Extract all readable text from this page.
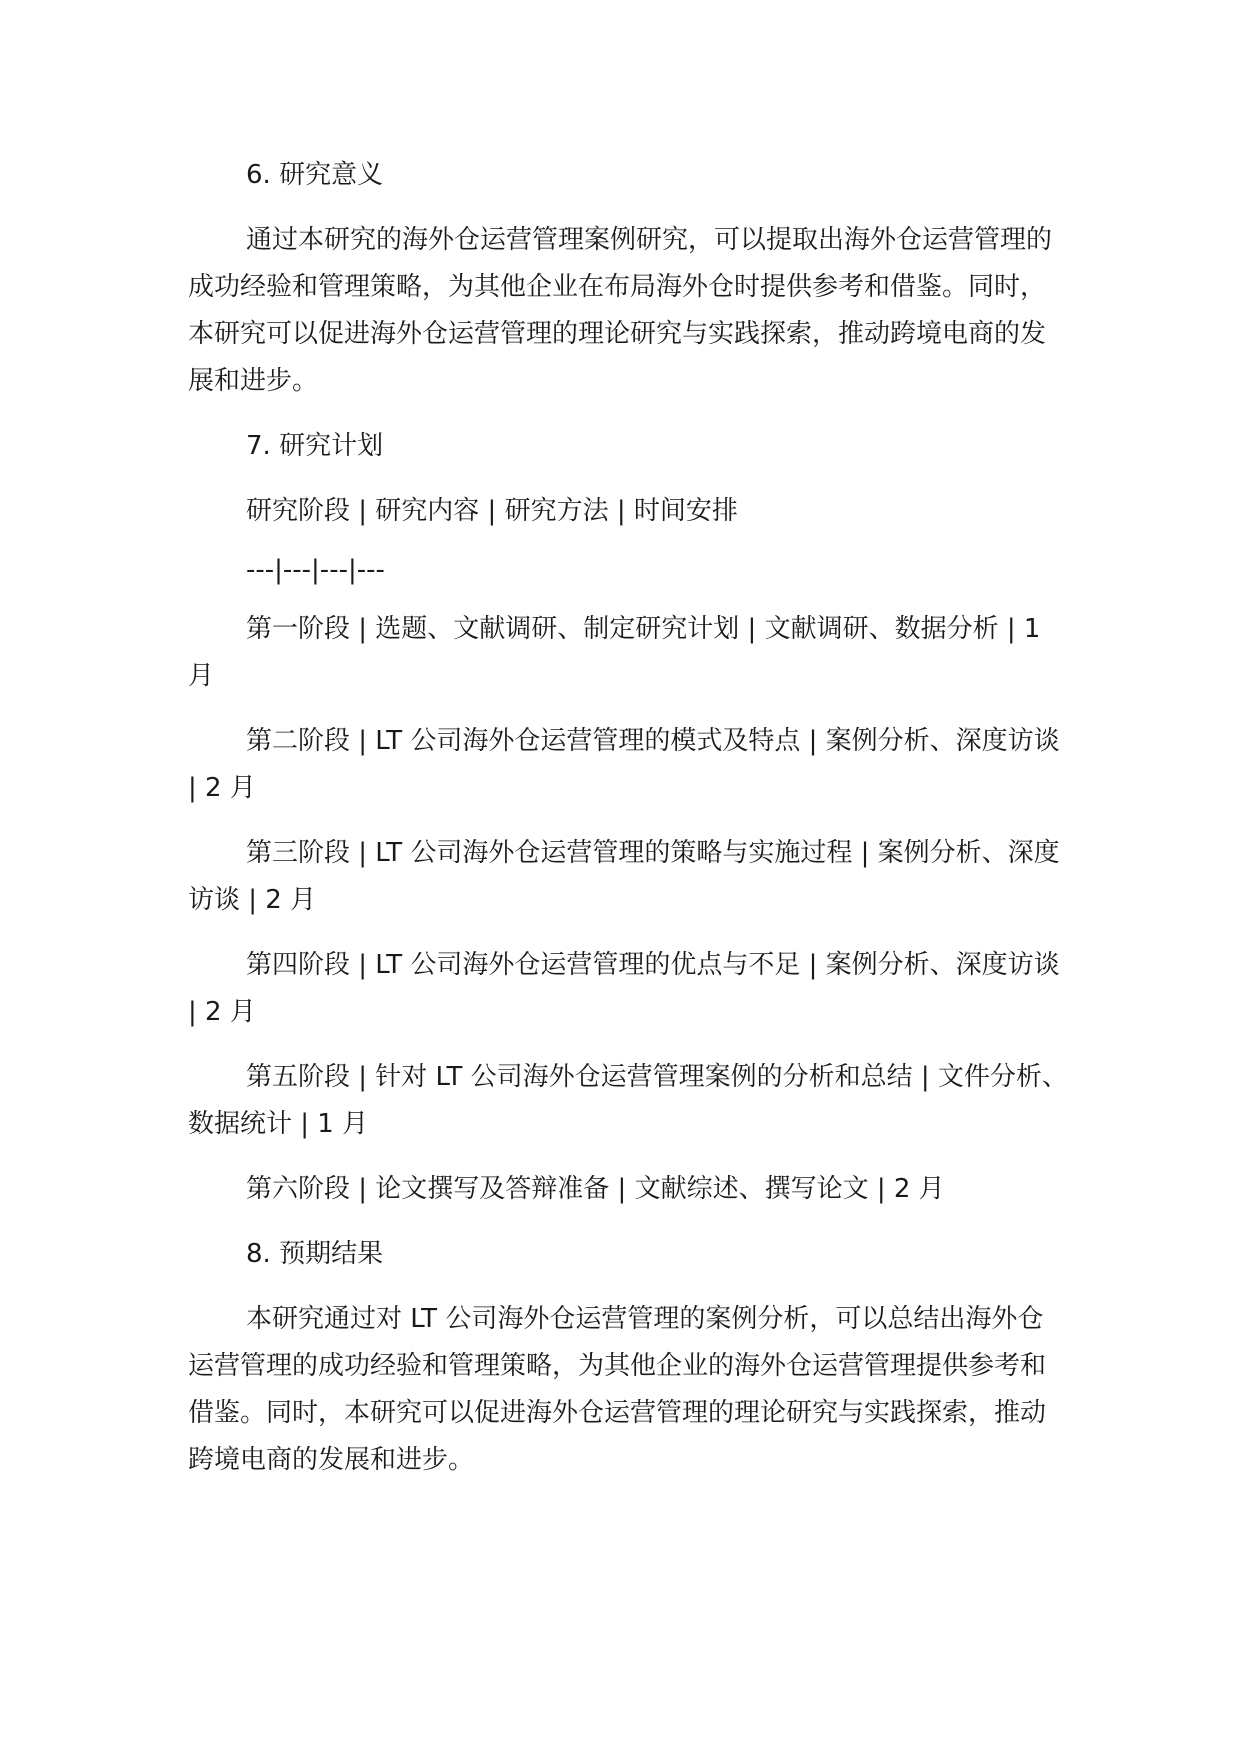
6. 研究意义

通过本研究的海外仓运营管理案例研究，可以提取出海外仓运营管理的成功经验和管理策略，为其他企业在布局海外仓时提供参考和借鉴。同时，本研究可以促进海外仓运营管理的理论研究与实践探索，推动跨境电商的发展和进步。

7. 研究计划

研究阶段 | 研究内容 | 研究方法 | 时间安排

---|---|---|---

第一阶段 | 选题、文献调研、制定研究计划 | 文献调研、数据分析 | 1 月

第二阶段 | LT 公司海外仓运营管理的模式及特点 | 案例分析、深度访谈 | 2 月

第三阶段 | LT 公司海外仓运营管理的策略与实施过程 | 案例分析、深度访谈 | 2 月

第四阶段 | LT 公司海外仓运营管理的优点与不足 | 案例分析、深度访谈 | 2 月

第五阶段 | 针对 LT 公司海外仓运营管理案例的分析和总结 | 文件分析、数据统计 | 1 月

第六阶段 | 论文撰写及答辩准备 | 文献综述、撰写论文 | 2 月

8. 预期结果

本研究通过对 LT 公司海外仓运营管理的案例分析，可以总结出海外仓运营管理的成功经验和管理策略，为其他企业的海外仓运营管理提供参考和借鉴。同时，本研究可以促进海外仓运营管理的理论研究与实践探索，推动跨境电商的发展和进步。
